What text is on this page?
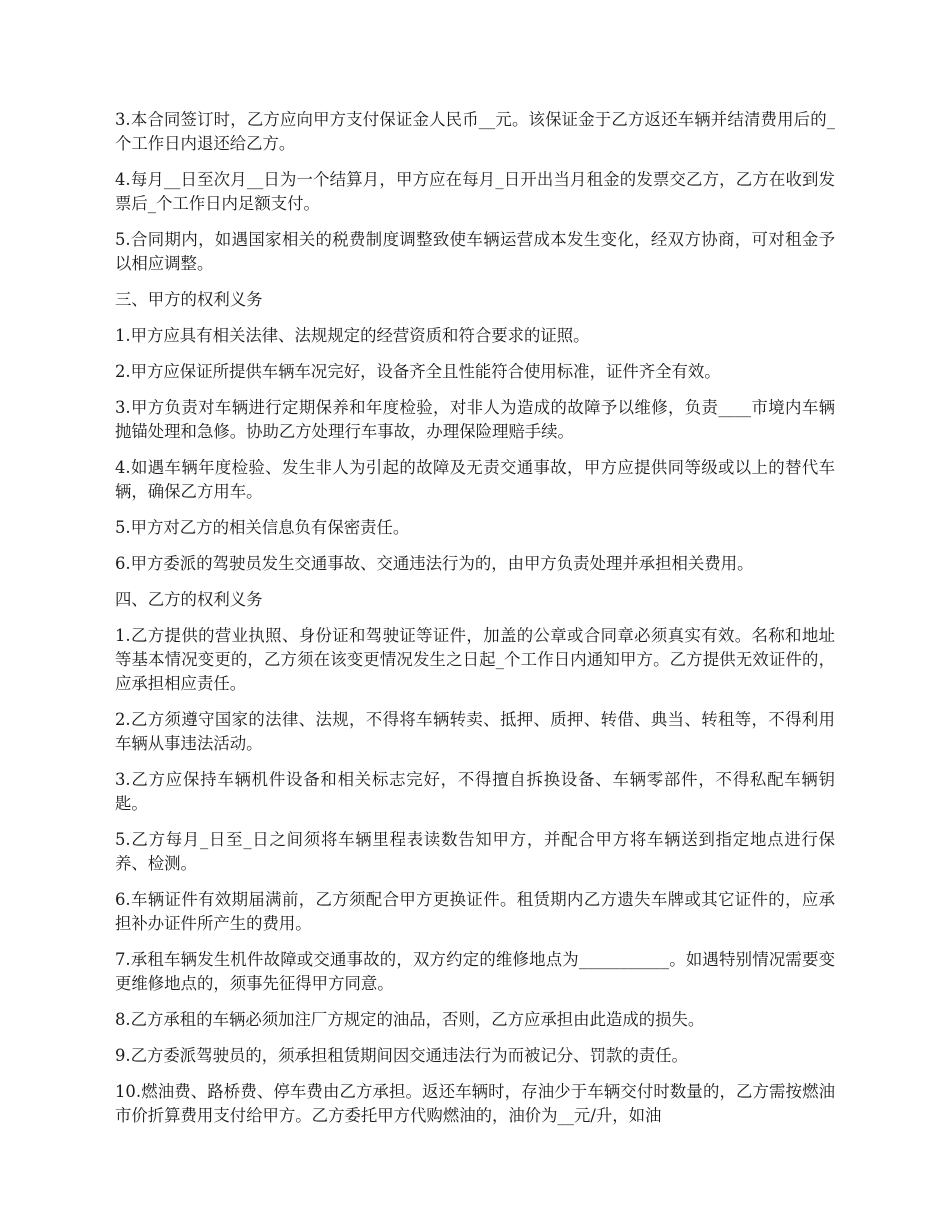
3.本合同签订时，乙方应向甲方支付保证金人民币__元。该保证金于乙方返还车辆并结清费用后的_个工作日内退还给乙方。

4.每月__日至次月__日为一个结算月，甲方应在每月_日开出当月租金的发票交乙方，乙方在收到发票后_个工作日内足额支付。

5.合同期内，如遇国家相关的税费制度调整致使车辆运营成本发生变化，经双方协商，可对租金予以相应调整。

三、甲方的权利义务

1.甲方应具有相关法律、法规规定的经营资质和符合要求的证照。

2.甲方应保证所提供车辆车况完好，设备齐全且性能符合使用标准，证件齐全有效。

3.甲方负责对车辆进行定期保养和年度检验，对非人为造成的故障予以维修，负责____市境内车辆抛锚处理和急修。协助乙方处理行车事故，办理保险理赔手续。

4.如遇车辆年度检验、发生非人为引起的故障及无责交通事故，甲方应提供同等级或以上的替代车辆，确保乙方用车。

5.甲方对乙方的相关信息负有保密责任。

6.甲方委派的驾驶员发生交通事故、交通违法行为的，由甲方负责处理并承担相关费用。

四、乙方的权利义务

1.乙方提供的营业执照、身份证和驾驶证等证件，加盖的公章或合同章必须真实有效。名称和地址等基本情况变更的，乙方须在该变更情况发生之日起_个工作日内通知甲方。乙方提供无效证件的，应承担相应责任。

2.乙方须遵守国家的法律、法规，不得将车辆转卖、抵押、质押、转借、典当、转租等，不得利用车辆从事违法活动。

3.乙方应保持车辆机件设备和相关标志完好，不得擅自拆换设备、车辆零部件，不得私配车辆钥匙。

5.乙方每月_日至_日之间须将车辆里程表读数告知甲方，并配合甲方将车辆送到指定地点进行保养、检测。

6.车辆证件有效期届满前，乙方须配合甲方更换证件。租赁期内乙方遗失车牌或其它证件的，应承担补办证件所产生的费用。

7.承租车辆发生机件故障或交通事故的，双方约定的维修地点为___________。如遇特别情况需要变更维修地点的，须事先征得甲方同意。

8.乙方承租的车辆必须加注厂方规定的油品，否则，乙方应承担由此造成的损失。

9.乙方委派驾驶员的，须承担租赁期间因交通违法行为而被记分、罚款的责任。

10.燃油费、路桥费、停车费由乙方承担。返还车辆时，存油少于车辆交付时数量的，乙方需按燃油市价折算费用支付给甲方。乙方委托甲方代购燃油的，油价为__元/升，如油
